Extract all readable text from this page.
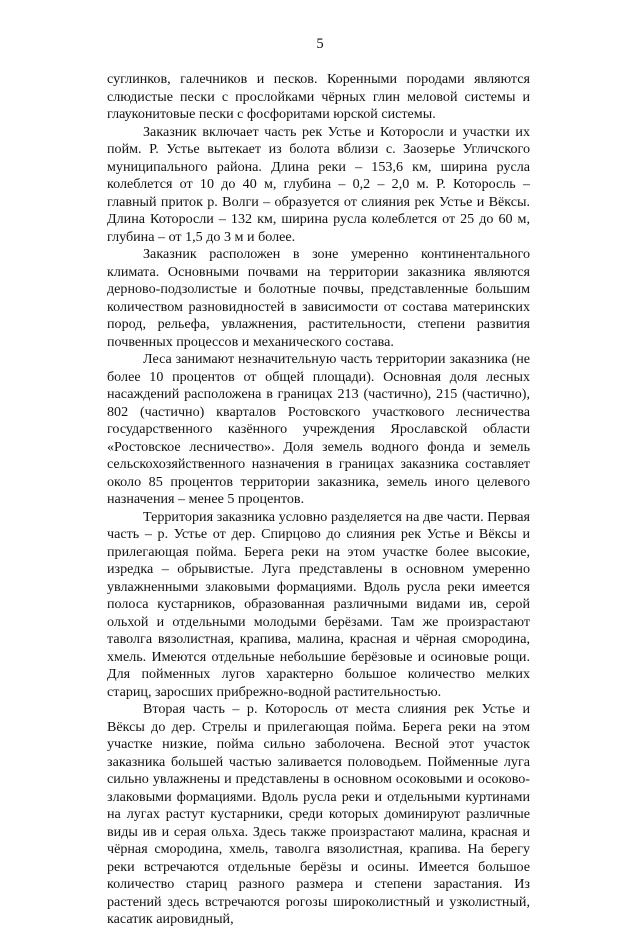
5

суглинков, галечников и песков. Коренными породами являются слюдистые пески с прослойками чёрных глин меловой системы и глауконитовые пески с фосфоритами юрской системы.

Заказник включает часть рек Устье и Которосли и участки их пойм. Р. Устье вытекает из болота вблизи с. Заозерье Угличского муниципального района. Длина реки – 153,6 км, ширина русла колеблется от 10 до 40 м, глубина – 0,2 – 2,0 м. Р. Которосль – главный приток р. Волги – образуется от слияния рек Устье и Вёксы. Длина Которосли – 132 км, ширина русла колеблется от 25 до 60 м, глубина – от 1,5 до 3 м и более.

Заказник расположен в зоне умеренно континентального климата. Основными почвами на территории заказника являются дерново-подзолистые и болотные почвы, представленные большим количеством разновидностей в зависимости от состава материнских пород, рельефа, увлажнения, растительности, степени развития почвенных процессов и механического состава.

Леса занимают незначительную часть территории заказника (не более 10 процентов от общей площади). Основная доля лесных насаждений расположена в границах 213 (частично), 215 (частично), 802 (частично) кварталов Ростовского участкового лесничества государственного казённого учреждения Ярославской области «Ростовское лесничество». Доля земель водного фонда и земель сельскохозяйственного назначения в границах заказника составляет около 85 процентов территории заказника, земель иного целевого назначения – менее 5 процентов.

Территория заказника условно разделяется на две части. Первая часть – р. Устье от дер. Спирцово до слияния рек Устье и Вёксы и прилегающая пойма. Берега реки на этом участке более высокие, изредка – обрывистые. Луга представлены в основном умеренно увлажненными злаковыми формациями. Вдоль русла реки имеется полоса кустарников, образованная различными видами ив, серой ольхой и отдельными молодыми берёзами. Там же произрастают таволга вязолистная, крапива, малина, красная и чёрная смородина, хмель. Имеются отдельные небольшие берёзовые и осиновые рощи. Для пойменных лугов характерно большое количество мелких стариц, заросших прибрежно-водной растительностью.

Вторая часть – р. Которосль от места слияния рек Устье и Вёксы до дер. Стрелы и прилегающая пойма. Берега реки на этом участке низкие, пойма сильно заболочена. Весной этот участок заказника большей частью заливается половодьем. Пойменные луга сильно увлажнены и представлены в основном осоковыми и осоково-злаковыми формациями. Вдоль русла реки и отдельными куртинами на лугах растут кустарники, среди которых доминируют различные виды ив и серая ольха. Здесь также произрастают малина, красная и чёрная смородина, хмель, таволга вязолистная, крапива. На берегу реки встречаются отдельные берёзы и осины. Имеется большое количество стариц разного размера и степени зарастания. Из растений здесь встречаются рогозы широколистный и узколистный, касатик аировидный,
